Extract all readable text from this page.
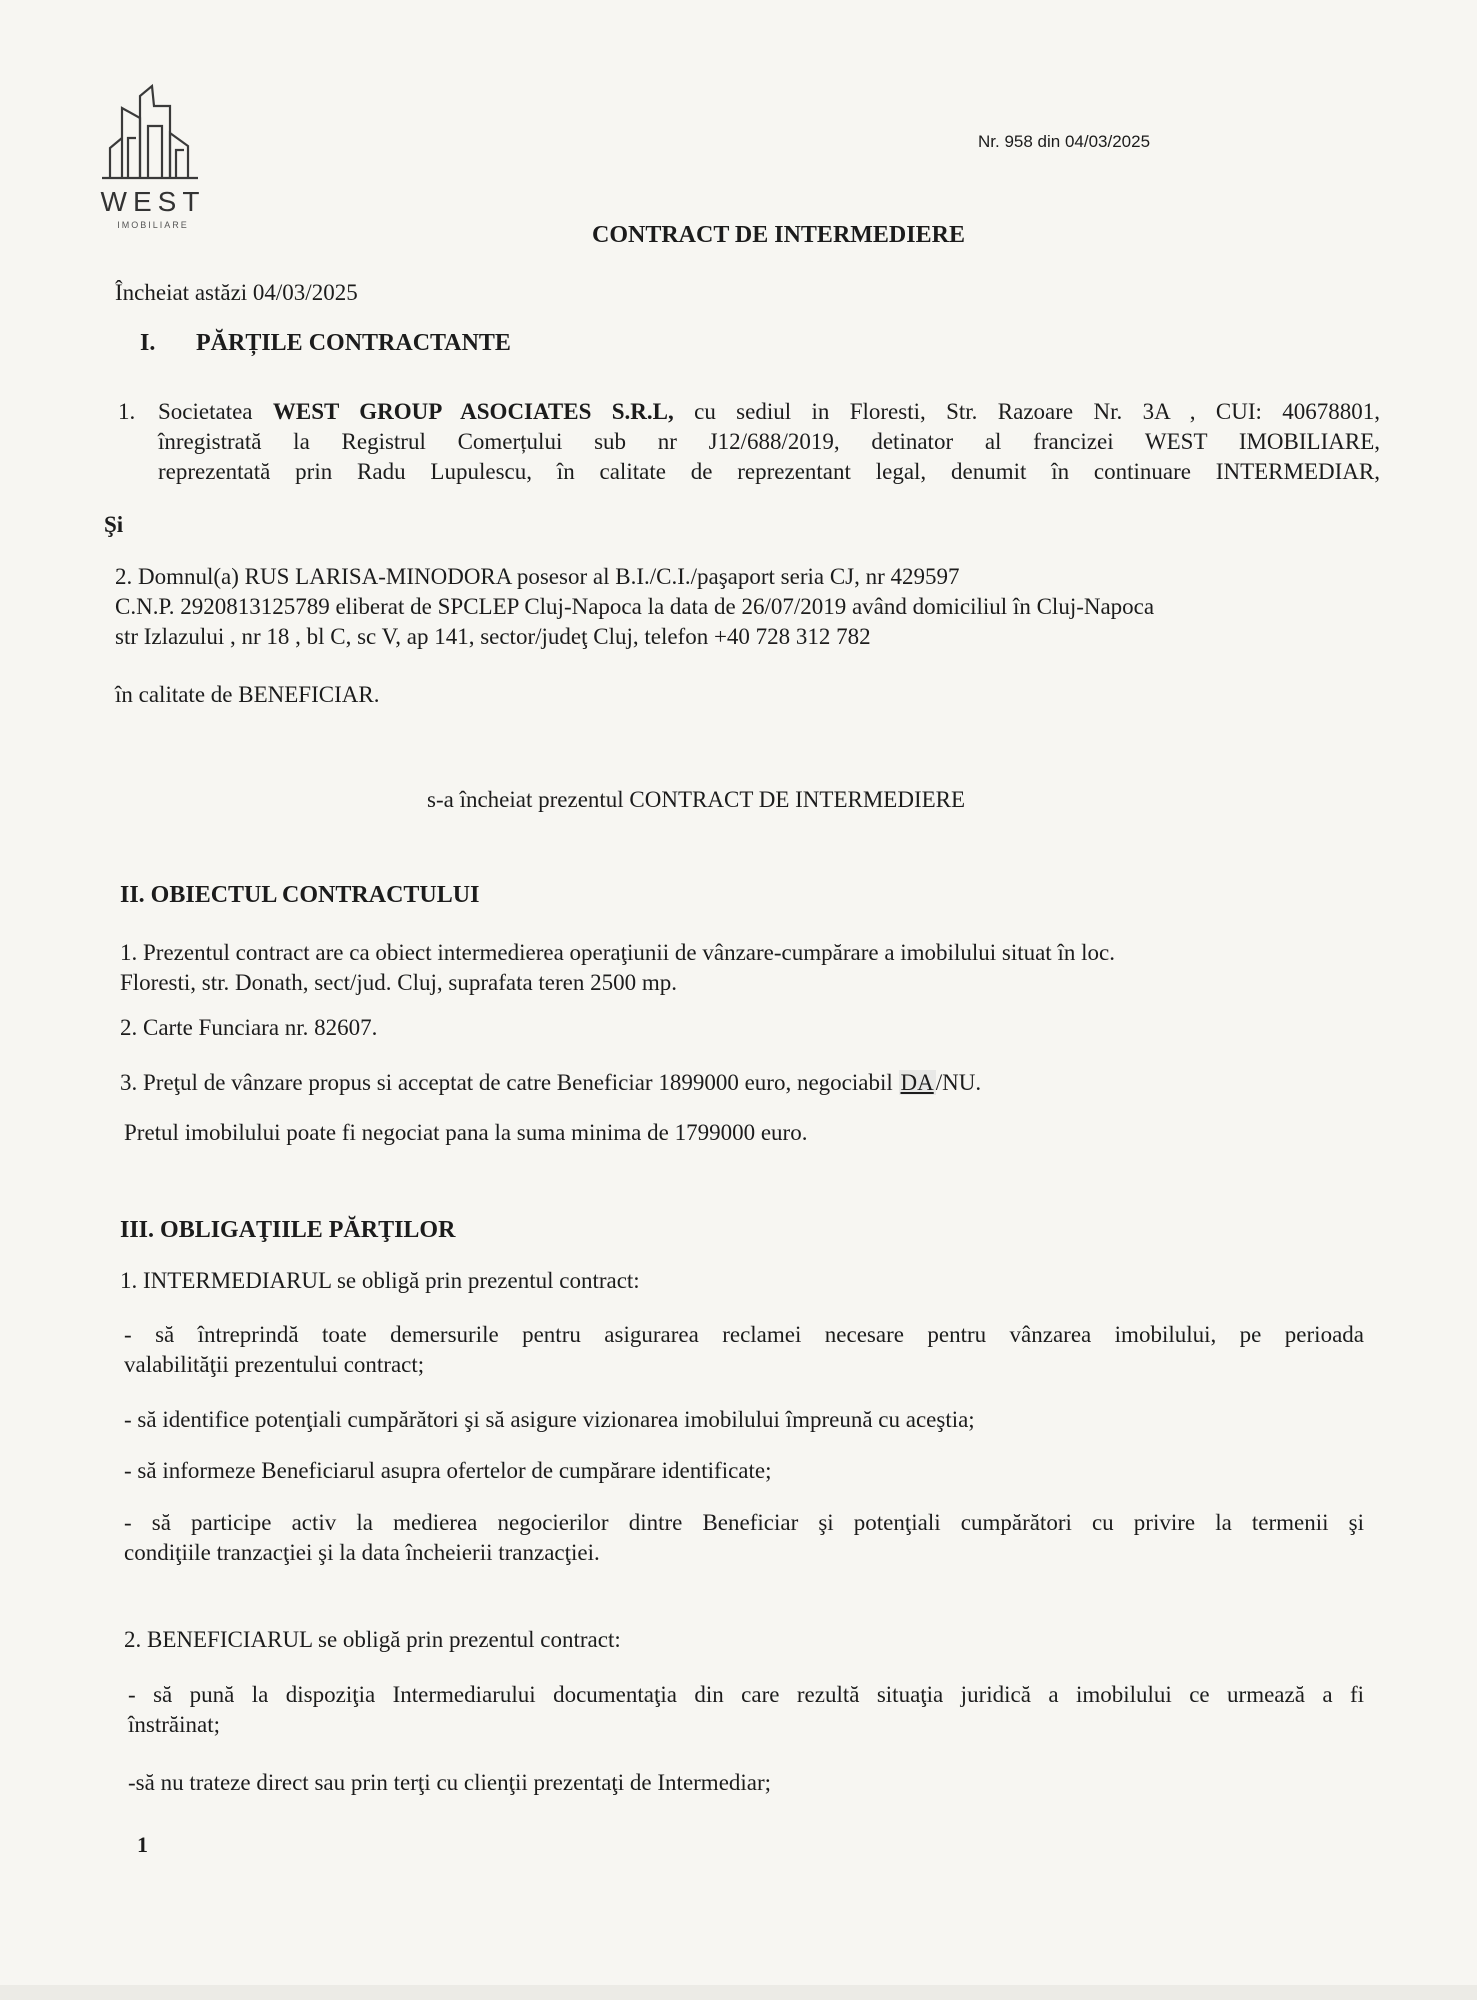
WEST
IMOBILIARE
Nr. 958 din 04/03/2025
CONTRACT DE INTERMEDIERE
Încheiat astăzi 04/03/2025
I. PĂRȚILE CONTRACTANTE
1. Societatea WEST GROUP ASOCIATES S.R.L, cu sediul in Floresti, Str. Razoare Nr. 3A , CUI: 40678801,
înregistrată la Registrul Comerțului sub nr J12/688/2019, detinator al francizei WEST IMOBILIARE,
reprezentată prin Radu Lupulescu, în calitate de reprezentant legal, denumit în continuare INTERMEDIAR,
Şi
2. Domnul(a) RUS LARISA-MINODORA posesor al B.I./C.I./paşaport seria CJ, nr 429597
C.N.P. 2920813125789 eliberat de SPCLEP Cluj-Napoca la data de 26/07/2019 având domiciliul în Cluj-Napoca
str Izlazului , nr 18 , bl C, sc V, ap 141, sector/judeţ Cluj, telefon +40 728 312 782
în calitate de BENEFICIAR.
s-a încheiat prezentul CONTRACT DE INTERMEDIERE
II. OBIECTUL CONTRACTULUI
1. Prezentul contract are ca obiect intermedierea operaţiunii de vânzare-cumpărare a imobilului situat în loc.
Floresti, str. Donath, sect/jud. Cluj, suprafata teren 2500 mp.
2. Carte Funciara nr. 82607.
3. Preţul de vânzare propus si acceptat de catre Beneficiar 1899000 euro, negociabil DA/NU.
Pretul imobilului poate fi negociat pana la suma minima de 1799000 euro.
III. OBLIGAŢIILE PĂRŢILOR
1. INTERMEDIARUL se obligă prin prezentul contract:
- să întreprindă toate demersurile pentru asigurarea reclamei necesare pentru vânzarea imobilului, pe perioada
valabilităţii prezentului contract;
- să identifice potenţiali cumpărători şi să asigure vizionarea imobilului împreună cu aceştia;
- să informeze Beneficiarul asupra ofertelor de cumpărare identificate;
- să participe activ la medierea negocierilor dintre Beneficiar şi potenţiali cumpărători cu privire la termenii şi
condiţiile tranzacţiei şi la data încheierii tranzacţiei.
2. BENEFICIARUL se obligă prin prezentul contract:
- să pună la dispoziţia Intermediarului documentaţia din care rezultă situaţia juridică a imobilului ce urmează a fi
înstrăinat;
-să nu trateze direct sau prin terţi cu clienţii prezentaţi de Intermediar;
1
